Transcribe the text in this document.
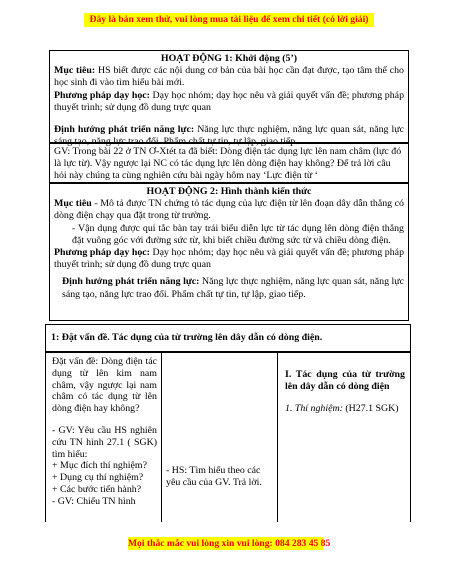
Đây là bản xem thử, vui lòng mua tài liệu để xem chi tiết (có lời giải)

HOẠT ĐỘNG 1: Khởi động (5’)

Mục tiêu: HS biết được các nội dung cơ bản của bài học cần đạt được, tạo tâm thế cho học sinh đi vào tìm hiểu bài mới.

Phương pháp dạy học: Dạy học nhóm; dạy học nêu và giải quyết vấn đề; phương pháp thuyết trình; sử dụng đồ dung trực quan

Định hướng phát triển năng lực: Năng lực thực nghiệm, năng lực quan sát, năng lực sáng tạo, năng lực trao đổi. Phẩm chất tự tin, tự lập, giao tiếp.

GV: Trong bài 22 ở TN Ơ-Xtét ta đã biết: Dòng điện tác dụng lực lên nam châm (lực đó là lực từ). Vậy ngược lại NC có tác dụng lực lên dòng điện hay không? Để trả lời câu hỏi này chúng ta cùng nghiên cứu bài ngày hôm nay ‘Lực điện từ ‘

HOẠT ĐỘNG 2: Hình thành kiến thức

Mục tiêu - Mô tả được TN chứng tỏ tác dụng của lực điện từ lên đoạn dây dẫn thẳng có dòng điện chạy qua đặt trong từ trường.

- Vận dụng được qui tắc bàn tay trái biểu diễn lực từ tác dụng lên dòng điện thẳng đặt vuông góc với đường sức từ, khi biết chiều đường sức từ và chiều dòng điện.

Phương pháp dạy học: Dạy học nhóm; dạy học nêu và giải quyết vấn đề; phương pháp thuyết trình; sử dụng đồ dung trực quan

Định hướng phát triển năng lực: Năng lực thực nghiệm, năng lực quan sát, năng lực sáng tạo, năng lực trao đổi. Phẩm chất tự tin, tự lập, giao tiếp.

1: Đặt vấn đề. Tác dụng của từ trường lên dây dẫn có dòng điện.

Đặt vấn đề: Dòng điện tác dụng từ lên kim nam châm, vậy ngược lại nam châm có tác dụng từ lên dòng điện hay không?

- GV: Yêu cầu HS nghiên cứu TN hình 27.1 ( SGK) tìm hiểu:

+ Mục đích thí nghiệm?

+ Dụng cụ thí nghiệm?

+ Các bước tiến hành?

- GV: Chiếu TN hình

- HS: Tìm hiểu theo các yêu cầu của GV. Trả lời.

I. Tác dụng của từ trường lên dây dẫn có dòng điện

1. Thí nghiệm: (H27.1 SGK)

Mọi thắc mắc vui lòng xin vui lòng: 084 283 45 85
